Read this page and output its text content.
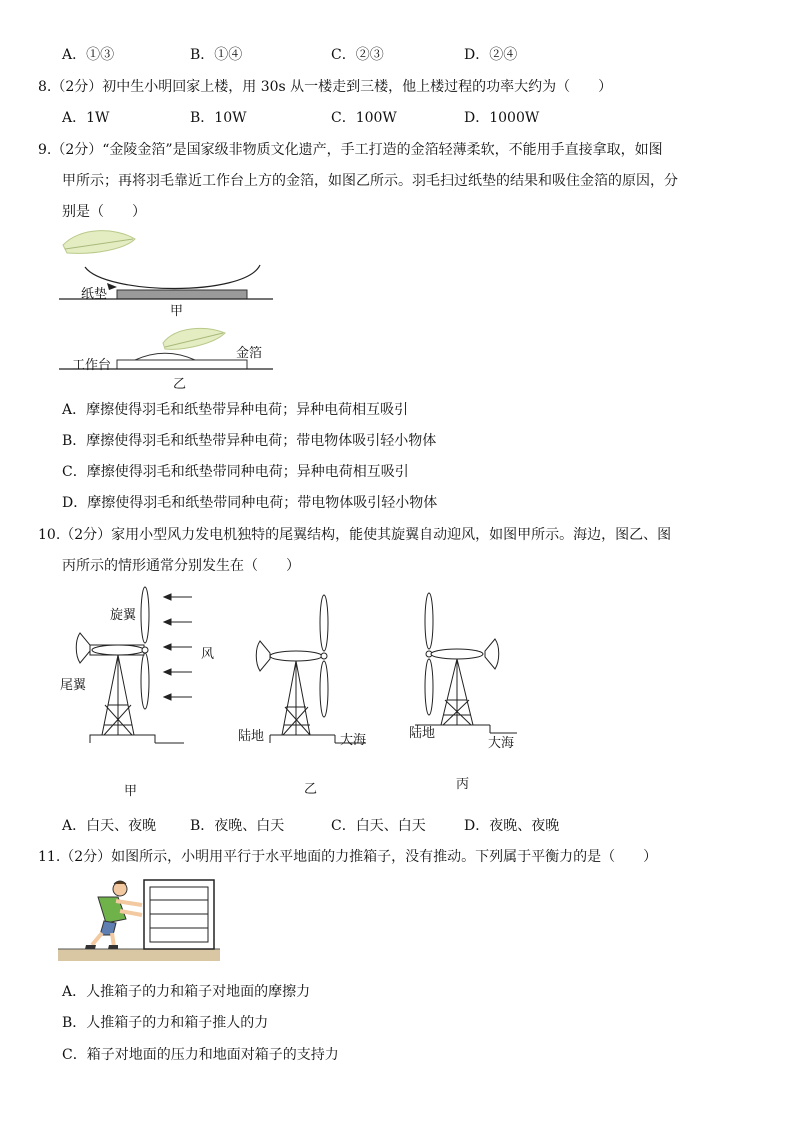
A．①③	B．①④	C．②③	D．②④
8.（2分）初中生小明回家上楼，用 30s 从一楼走到三楼，他上楼过程的功率大约为（　　）
A．1W	B．10W	C．100W	D．1000W
9.（2分）“金陵金箔”是国家级非物质文化遗产，手工打造的金箔轻薄柔软，不能用手直接拿取，如图
甲所示；再将羽毛靠近工作台上方的金箔，如图乙所示。羽毛扫过纸垫的结果和吸住金箔的原因，分
别是（　　）
纸垫
甲
工作台
金箔
乙
A．摩擦使得羽毛和纸垫带异种电荷；异种电荷相互吸引
B．摩擦使得羽毛和纸垫带异种电荷；带电物体吸引轻小物体
C．摩擦使得羽毛和纸垫带同种电荷；异种电荷相互吸引
D．摩擦使得羽毛和纸垫带同种电荷；带电物体吸引轻小物体
10.（2分）家用小型风力发电机独特的尾翼结构，能使其旋翼自动迎风，如图甲所示。海边，图乙、图
丙所示的情形通常分别发生在（　　）
旋翼
风
尾翼
甲
陆地	大海
乙
陆地
大海
丙
A．白天、夜晚 B．夜晚、白天	C．白天、白天	D．夜晚、夜晚
11.（2分）如图所示，小明用平行于水平地面的力推箱子，没有推动。下列属于平衡力的是（　　）
A．人推箱子的力和箱子对地面的摩擦力
B．人推箱子的力和箱子推人的力
C．箱子对地面的压力和地面对箱子的支持力
